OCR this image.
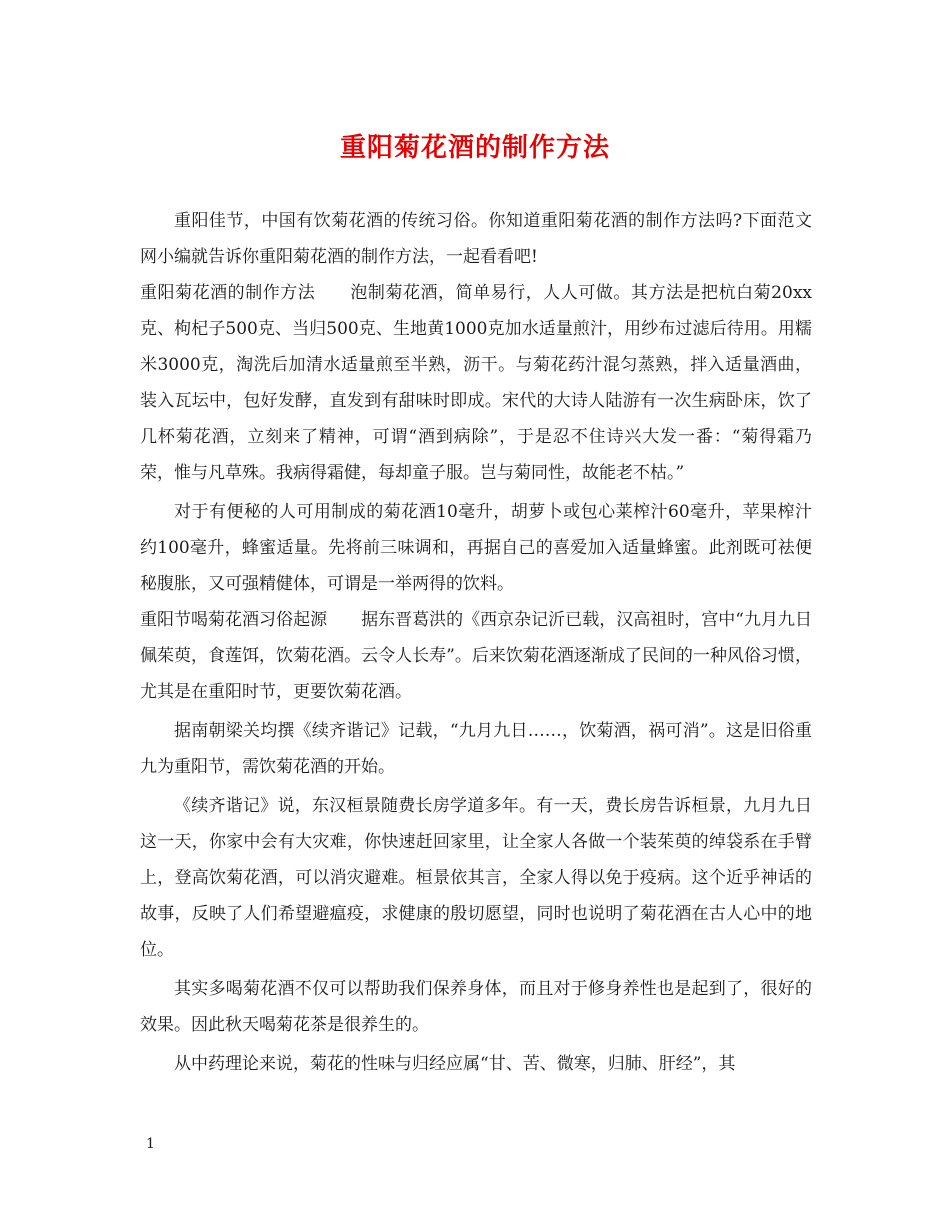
重阳菊花酒的制作方法

重阳佳节，中国有饮菊花酒的传统习俗。你知道重阳菊花酒的制作方法吗?下面范文网小编就告诉你重阳菊花酒的制作方法，一起看看吧!

重阳菊花酒的制作方法　　泡制菊花酒，简单易行，人人可做。其方法是把杭白菊20xx克、枸杞子500克、当归500克、生地黄1000克加水适量煎汁，用纱布过滤后待用。用糯米3000克，淘洗后加清水适量煎至半熟，沥干。与菊花药汁混匀蒸熟，拌入适量酒曲，装入瓦坛中，包好发酵，直发到有甜味时即成。宋代的大诗人陆游有一次生病卧床，饮了几杯菊花酒，立刻来了精神，可谓“酒到病除”，于是忍不住诗兴大发一番：“菊得霜乃荣，惟与凡草殊。我病得霜健，每却童子服。岂与菊同性，故能老不枯。”

对于有便秘的人可用制成的菊花酒10毫升，胡萝卜或包心莱榨汁60毫升，苹果榨汁约100毫升，蜂蜜适量。先将前三味调和，再据自己的喜爱加入适量蜂蜜。此剂既可祛便秘腹胀，又可强精健体，可谓是一举两得的饮料。

重阳节喝菊花酒习俗起源　　据东晋葛洪的《西京杂记沂已载，汉高祖时，宫中“九月九日佩茱萸，食莲饵，饮菊花酒。云令人长寿”。后来饮菊花酒逐渐成了民间的一种风俗习惯，尤其是在重阳时节，更要饮菊花酒。

据南朝梁关均撰《续齐谐记》记载，“九月九日……，饮菊酒，祸可消”。这是旧俗重九为重阳节，需饮菊花酒的开始。

《续齐谐记》说，东汉桓景随费长房学道多年。有一天，费长房告诉桓景，九月九日这一天，你家中会有大灾难，你快速赶回家里，让全家人各做一个装茱萸的绰袋系在手臂上，登高饮菊花酒，可以消灾避难。桓景依其言，全家人得以免于疫病。这个近乎神话的故事，反映了人们希望避瘟疫，求健康的殷切愿望，同时也说明了菊花酒在古人心中的地位。

其实多喝菊花酒不仅可以帮助我们保养身体，而且对于修身养性也是起到了，很好的效果。因此秋天喝菊花茶是很养生的。

从中药理论来说，菊花的性味与归经应属“甘、苦、微寒，归肺、肝经”，其

1
